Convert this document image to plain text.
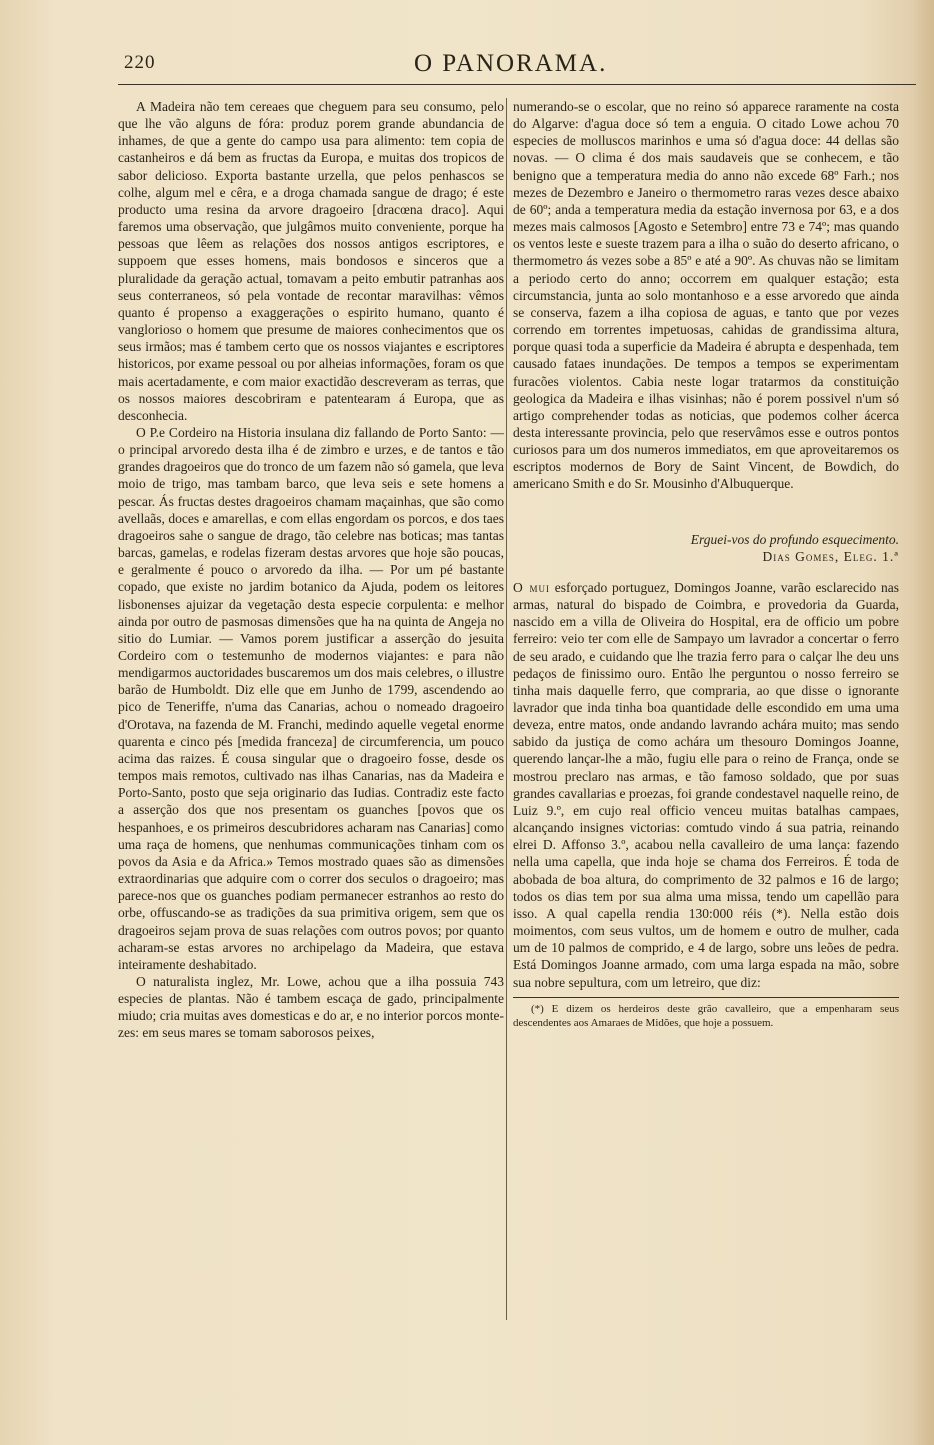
220	O PANORAMA.

A Madeira não tem cereaes que cheguem para seu consumo, pelo que lhe vão alguns de fóra: produz porem grande abundancia de inhames, de que a gente do campo usa para alimento: tem copia de castanheiros e dá bem as fructas da Europa, e muitas dos tropicos de sabor delicioso. Exporta bastante urzella, que pelos penhascos se colhe, algum mel e cêra, e a droga chamada sangue de drago; é este producto uma resina da arvore dragoeiro [dracœna draco]. Aqui faremos uma observação, que julgâmos muito conveniente, porque ha pessoas que lêem as relações dos nossos antigos escriptores, e suppoem que esses homens, mais bondosos e sinceros que a pluralidade da geração actual, tomavam a peito embutir patranhas aos seus conterraneos, só pela vontade de recontar maravilhas: vêmos quanto é propenso a exaggerações o espirito humano, quanto é vanglorioso o homem que presume de maiores conhecimentos que os seus irmãos; mas é tambem certo que os nossos viajantes e escriptores historicos, por exame pessoal ou por alheias informações, foram os que mais acertadamente, e com maior exactidão descreveram as terras, que os nossos maiores descobriram e patentearam á Europa, que as desconhecia.

O P.e Cordeiro na Historia insulana diz fallando de Porto Santo: — o principal arvoredo desta ilha é de zimbro e urzes, e de tantos e tão grandes dragoeiros que do tronco de um fazem não só gamela, que leva moio de trigo, mas tambam barco, que leva seis e sete homens a pescar. Ás fructas destes dragoeiros chamam maçainhas, que são como avellaãs, doces e amarellas, e com ellas engordam os porcos, e dos taes dragoeiros sahe o sangue de drago, tão celebre nas boticas; mas tantas barcas, gamelas, e rodelas fizeram destas arvores que hoje são poucas, e geralmente é pouco o arvoredo da ilha. — Por um pé bastante copado, que existe no jardim botanico da Ajuda, podem os leitores lisbonenses ajuizar da vegetação desta especie corpulenta: e melhor ainda por outro de pasmosas dimensões que ha na quinta de Angeja no sitio do Lumiar. — Vamos porem justificar a asserção do jesuita Cordeiro com o testemunho de modernos viajantes: e para não mendigarmos auctoridades buscaremos um dos mais celebres, o illustre barão de Humboldt. Diz elle que em Junho de 1799, ascendendo ao pico de Teneriffe, n'uma das Canarias, achou o nomeado dragoeiro d'Orotava, na fazenda de M. Franchi, medindo aquelle vegetal enorme quarenta e cinco pés [medida franceza] de circumferencia, um pouco acima das raizes. É cousa singular que o dragoeiro fosse, desde os tempos mais remotos, cultivado nas ilhas Canarias, nas da Madeira e Porto-Santo, posto que seja originario das Iudias. Contradiz este facto a asserção dos que nos presentam os guanches [povos que os hespanhoes, e os primeiros descubridores acharam nas Canarias] como uma raça de homens, que nenhumas communicações tinham com os povos da Asia e da Africa.» Temos mostrado quaes são as dimensões extraordinarias que adquire com o correr dos seculos o dragoeiro; mas parece-nos que os guanches podiam permanecer estranhos ao resto do orbe, offuscando-se as tradições da sua primitiva origem, sem que os dragoeiros sejam prova de suas relações com outros povos; por quanto acharam-se estas arvores no archipelago da Madeira, que estava inteiramente deshabitado.

O naturalista inglez, Mr. Lowe, achou que a ilha possuia 743 especies de plantas. Não é tambem escaça de gado, principalmente miudo; cria muitas aves domesticas e do ar, e no interior porcos monte-zes: em seus mares se tomam saborosos peixes,

numerando-se o escolar, que no reino só apparece raramente na costa do Algarve: d'agua doce só tem a enguia. O citado Lowe achou 70 especies de molluscos marinhos e uma só d'agua doce: 44 dellas são novas. — O clima é dos mais saudaveis que se conhecem, e tão benigno que a temperatura media do anno não excede 68º Farh.; nos mezes de Dezembro e Janeiro o thermometro raras vezes desce abaixo de 60º; anda a temperatura media da estação invernosa por 63, e a dos mezes mais calmosos [Agosto e Setembro] entre 73 e 74º; mas quando os ventos leste e sueste trazem para a ilha o suão do deserto africano, o thermometro ás vezes sobe a 85º e até a 90º. As chuvas não se limitam a periodo certo do anno; occorrem em qualquer estação; esta circumstancia, junta ao solo montanhoso e a esse arvoredo que ainda se conserva, fazem a ilha copiosa de aguas, e tanto que por vezes correndo em torrentes impetuosas, cahidas de grandissima altura, porque quasi toda a superficie da Madeira é abrupta e despenhada, tem causado fataes inundações. De tempos a tempos se experimentam furacões violentos. Cabia neste logar tratarmos da constituição geologica da Madeira e ilhas visinhas; não é porem possivel n'um só artigo comprehender todas as noticias, que podemos colher ácerca desta interessante provincia, pelo que reservâmos esse e outros pontos curiosos para um dos numeros immediatos, em que aproveitaremos os escriptos modernos de Bory de Saint Vincent, de Bowdich, do americano Smith e do Sr. Mousinho d'Albuquerque.

Erguei-vos do profundo esquecimento.
Dias Gomes, Eleg. 1.ª

O mui esforçado portuguez, Domingos Joanne, varão esclarecido nas armas, natural do bispado de Coimbra, e provedoria da Guarda, nascido em a villa de Oliveira do Hospital, era de officio um pobre ferreiro: veio ter com elle de Sampayo um lavrador a concertar o ferro de seu arado, e cuidando que lhe trazia ferro para o calçar lhe deu uns pedaços de finissimo ouro. Então lhe perguntou o nosso ferreiro se tinha mais daquelle ferro, que compraria, ao que disse o ignorante lavrador que inda tinha boa quantidade delle escondido em uma uma deveza, entre matos, onde andando lavrando achára muito; mas sendo sabido da justiça de como achára um thesouro Domingos Joanne, querendo lançar-lhe a mão, fugiu elle para o reino de França, onde se mostrou preclaro nas armas, e tão famoso soldado, que por suas grandes cavallarias e proezas, foi grande condestavel naquelle reino, de Luiz 9.º, em cujo real officio venceu muitas batalhas campaes, alcançando insignes victorias: comtudo vindo á sua patria, reinando elrei D. Affonso 3.º, acabou nella cavalleiro de uma lança: fazendo nella uma capella, que inda hoje se chama dos Ferreiros. É toda de abobada de boa altura, do comprimento de 32 palmos e 16 de largo; todos os dias tem por sua alma uma missa, tendo um capellão para isso. A qual capella rendia 130:000 réis (*). Nella estão dois moimentos, com seus vultos, um de homem e outro de mulher, cada um de 10 palmos de comprido, e 4 de largo, sobre uns leões de pedra. Está Domingos Joanne armado, com uma larga espada na mão, sobre sua nobre sepultura, com um letreiro, que diz:

(*) E dizem os herdeiros deste grão cavalleiro, que a empenharam seus descendentes aos Amaraes de Midões, que hoje a possuem.
